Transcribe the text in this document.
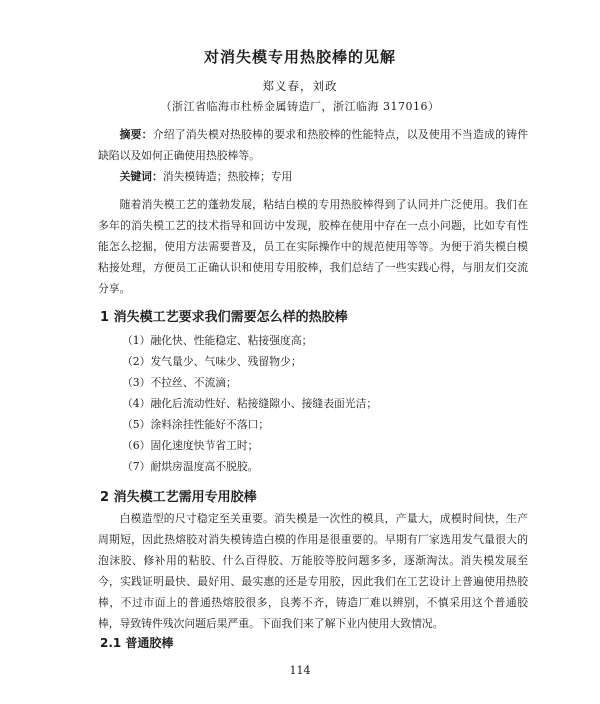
对消失模专用热胶棒的见解
郑义春，刘政
（浙江省临海市杜桥金属铸造厂，浙江临海 317016）

摘要：介绍了消失模对热胶棒的要求和热胶棒的性能特点，以及使用不当造成的铸件缺陷以及如何正确使用热胶棒等。

关键词：消失模铸造；热胶棒；专用

随着消失模工艺的蓬勃发展，粘结白模的专用热胶棒得到了认同并广泛使用。我们在多年的消失模工艺的技术指导和回访中发现，胶棒在使用中存在一点小问题，比如专有性能怎么挖掘，使用方法需要普及，员工在实际操作中的规范使用等等。为便于消失模白模粘接处理，方便员工正确认识和使用专用胶棒，我们总结了一些实践心得，与朋友们交流分享。

1 消失模工艺要求我们需要怎么样的热胶棒
（1）融化快、性能稳定、粘接强度高；
（2）发气量少、气味少、残留物少；
（3）不拉丝、不流滴；
（4）融化后流动性好、粘接缝隙小、接缝表面光洁；
（5）涂料涂挂性能好不落口；
（6）固化速度快节省工时；
（7）耐烘房温度高不脱胶。
2 消失模工艺需用专用胶棒

白模造型的尺寸稳定至关重要。消失模是一次性的模具，产量大，成模时间快，生产周期短，因此热熔胶对消失模铸造白模的作用是很重要的。早期有厂家选用发气量很大的泡沫胶、修补用的粘胶、什么百得胶、万能胶等胶问题多多，逐渐淘汰。消失模发展至今，实践证明最快、最好用、最实惠的还是专用胶，因此我们在工艺设计上普遍使用热胶棒，不过市面上的普通热熔胶很多，良莠不齐，铸造厂难以辨别，不慎采用这个普通胶棒，导致铸件残次问题后果严重。下面我们来了解下业内使用大致情况。

2.1 普通胶棒
114
